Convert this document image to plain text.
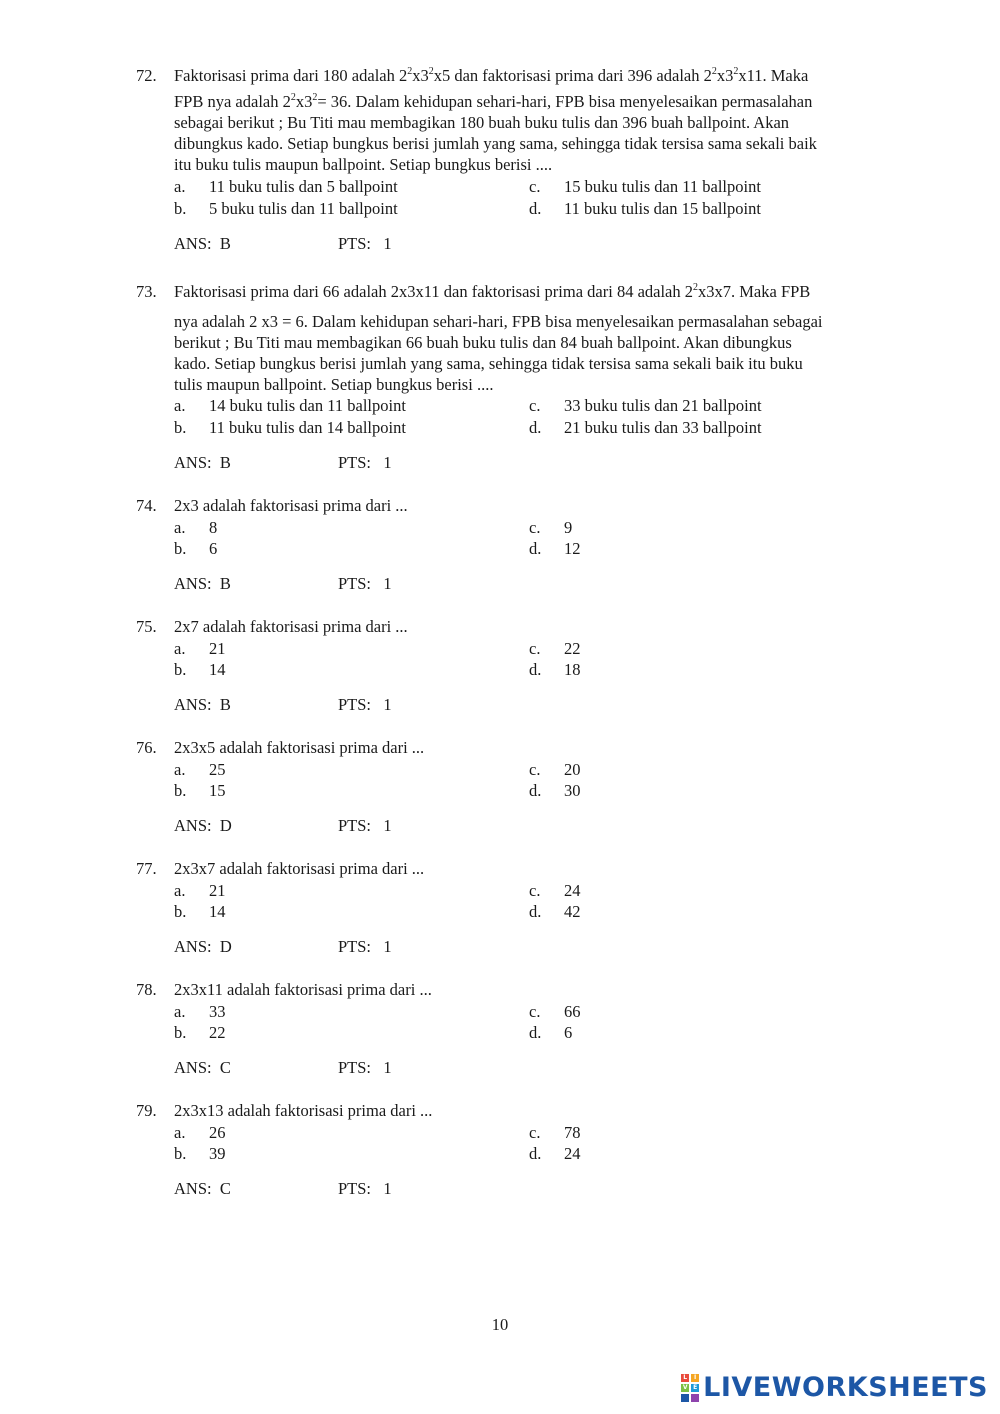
72. Faktorisasi prima dari 180 adalah $2^2x3^2x5$ dan faktorisasi prima dari 396 adalah $2^2x3^2x11$. Maka
FPB nya adalah $2^2x3^2= 36$. Dalam kehidupan sehari-hari, FPB bisa menyelesaikan permasalahan
sebagai berikut ; Bu Titi mau membagikan 180 buah buku tulis dan 396 buah ballpoint. Akan
dibungkus kado. Setiap bungkus berisi jumlah yang sama, sehingga tidak tersisa sama sekali baik
itu buku tulis maupun ballpoint. Setiap bungkus berisi ....
a. 11 buku tulis dan 5 ballpoint	c. 15 buku tulis dan 11 ballpoint
b. 5 buku tulis dan 11 ballpoint	d. 11 buku tulis dan 15 ballpoint
ANS: B	PTS: 1
73. Faktorisasi prima dari 66 adalah 2x3x11 dan faktorisasi prima dari 84 adalah $2^2x3x7$. Maka FPB
nya adalah 2 x3 = 6. Dalam kehidupan sehari-hari, FPB bisa menyelesaikan permasalahan sebagai
berikut ; Bu Titi mau membagikan 66 buah buku tulis dan 84 buah ballpoint. Akan dibungkus
kado. Setiap bungkus berisi jumlah yang sama, sehingga tidak tersisa sama sekali baik itu buku
tulis maupun ballpoint. Setiap bungkus berisi ....
a. 14 buku tulis dan 11 ballpoint	c. 33 buku tulis dan 21 ballpoint
b. 11 buku tulis dan 14 ballpoint	d. 21 buku tulis dan 33 ballpoint
ANS: B	PTS: 1
74. 2x3 adalah faktorisasi prima dari ...
a. 8	c. 9
b. 6	d. 12
ANS: B	PTS: 1
75. 2x7 adalah faktorisasi prima dari ...
a. 21	c. 22
b. 14	d. 18
ANS: B	PTS: 1
76. 2x3x5 adalah faktorisasi prima dari ...
a. 25	c. 20
b. 15	d. 30
ANS: D	PTS: 1
77. 2x3x7 adalah faktorisasi prima dari ...
a. 21	c. 24
b. 14	d. 42
ANS: D	PTS: 1
78. 2x3x11 adalah faktorisasi prima dari ...
a. 33	c. 66
b. 22	d. 6
ANS: C	PTS: 1
79. 2x3x13 adalah faktorisasi prima dari ...
a. 26	c. 78
b. 39	d. 24
ANS: C	PTS: 1
10
L	I
V E LIVEWORKSHEETS
